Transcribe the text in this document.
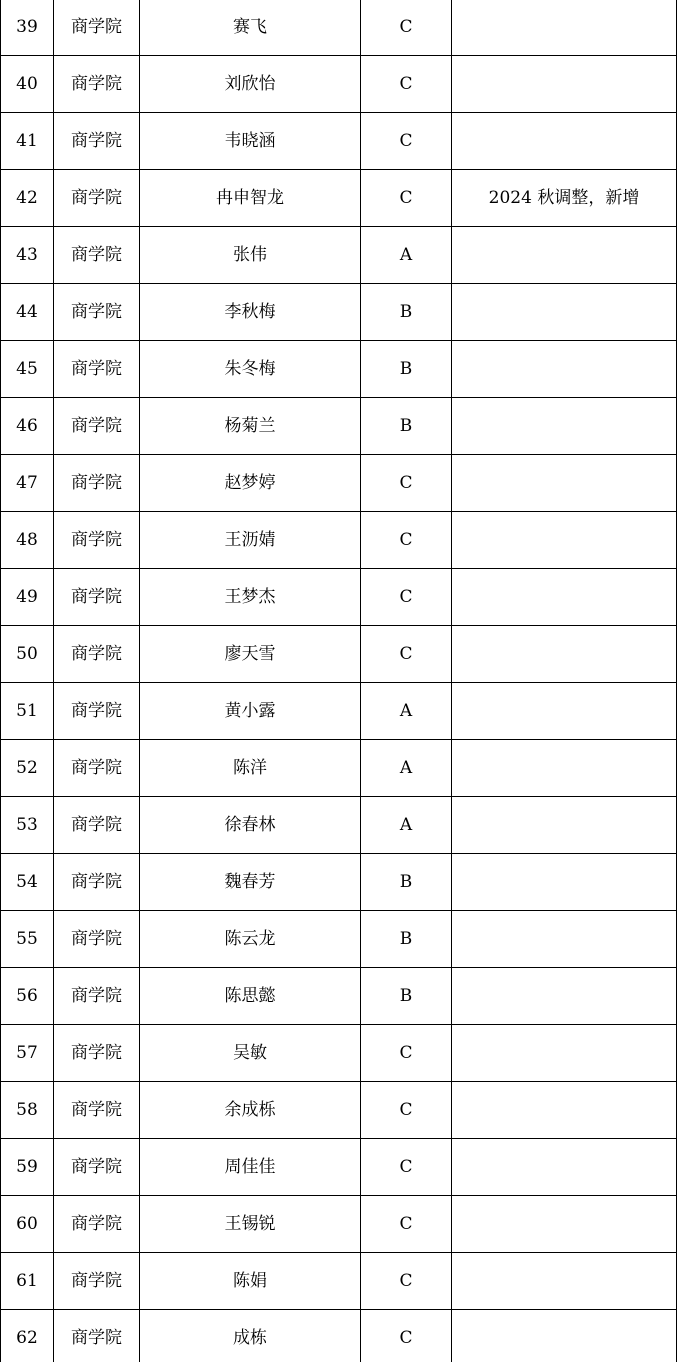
39	商学院	赛飞	C	
40	商学院	刘欣怡	C	
41	商学院	韦晓涵	C	
42	商学院	冉申智龙	C	2024 秋调整，新增
43	商学院	张伟	A	
44	商学院	李秋梅	B	
45	商学院	朱冬梅	B	
46	商学院	杨菊兰	B	
47	商学院	赵梦婷	C	
48	商学院	王沥婧	C	
49	商学院	王梦杰	C	
50	商学院	廖天雪	C	
51	商学院	黄小露	A	
52	商学院	陈洋	A	
53	商学院	徐春林	A	
54	商学院	魏春芳	B	
55	商学院	陈云龙	B	
56	商学院	陈思懿	B	
57	商学院	吴敏	C	
58	商学院	余成栎	C	
59	商学院	周佳佳	C	
60	商学院	王锡锐	C	
61	商学院	陈娟	C	
62	商学院	成栋	C	
